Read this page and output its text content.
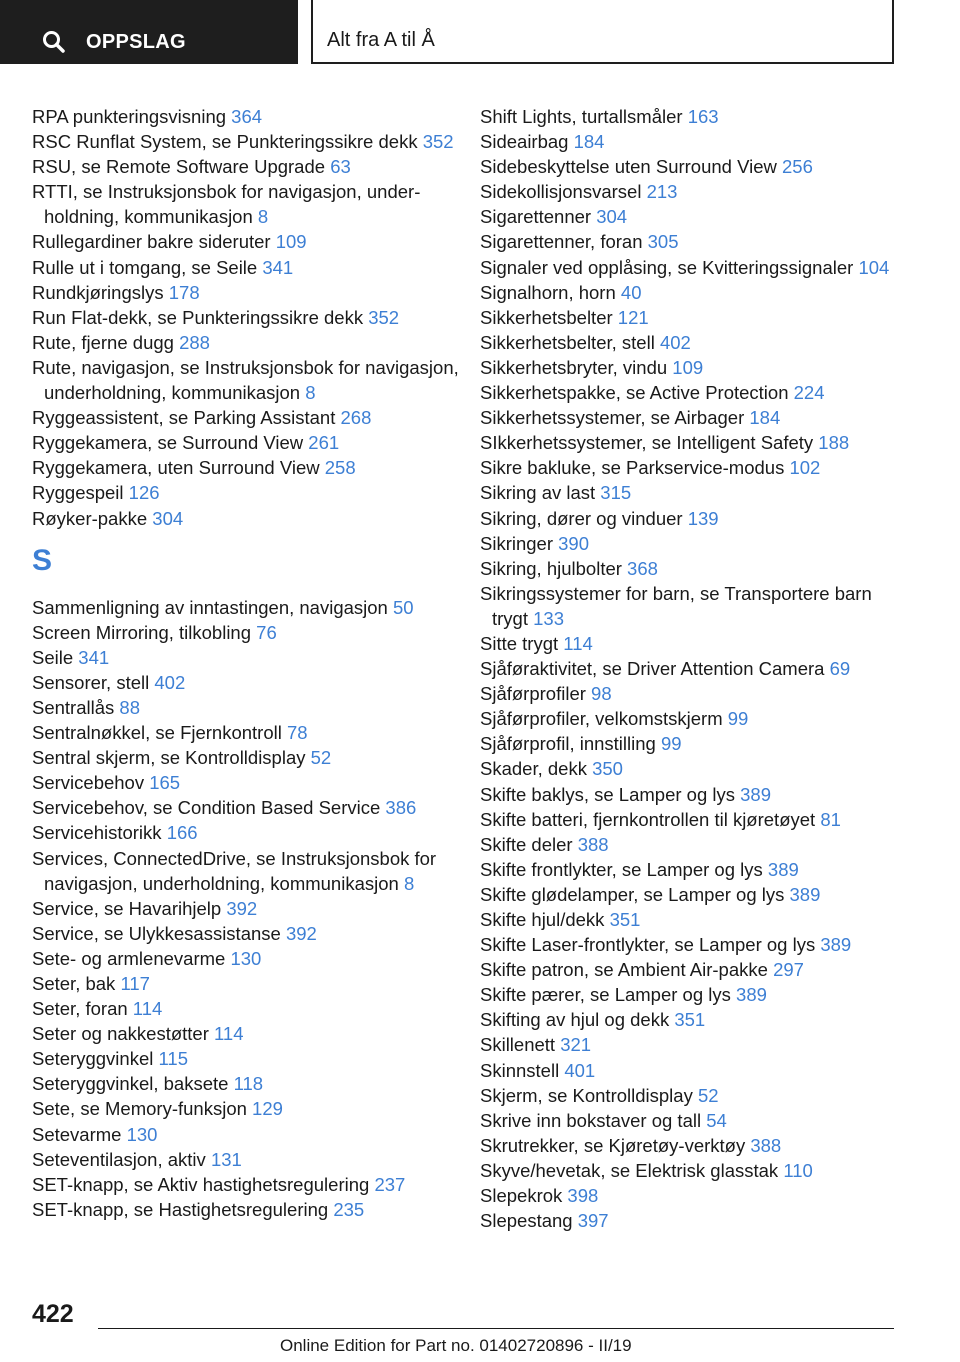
OPPSLAG	Alt fra A til Å
RPA punkteringsvisning 364
RSC Runflat System, se Punkteringssikre dekk 352
RSU, se Remote Software Upgrade 63
RTTI, se Instruksjonsbok for navigasjon, underholdning, kommunikasjon 8
Rullegardiner bakre sideruter 109
Rulle ut i tomgang, se Seile 341
Rundkjøringslys 178
Run Flat-dekk, se Punkteringssikre dekk 352
Rute, fjerne dugg 288
Rute, navigasjon, se Instruksjonsbok for navigasjon, underholdning, kommunikasjon 8
Ryggeassistent, se Parking Assistant 268
Ryggekamera, se Surround View 261
Ryggekamera, uten Surround View 258
Ryggespeil 126
Røyker-pakke 304
S
Sammenligning av inntastingen, navigasjon 50
Screen Mirroring, tilkobling 76
Seile 341
Sensorer, stell 402
Sentrallås 88
Sentralnøkkel, se Fjernkontroll 78
Sentral skjerm, se Kontrolldisplay 52
Servicebehov 165
Servicebehov, se Condition Based Service 386
Servicehistorikk 166
Services, ConnectedDrive, se Instruksjonsbok for navigasjon, underholdning, kommunikasjon 8
Service, se Havarihjelp 392
Service, se Ulykkesassistanse 392
Sete- og armlenevarme 130
Seter, bak 117
Seter, foran 114
Seter og nakkestøtter 114
Seteryggvinkel 115
Seteryggvinkel, baksete 118
Sete, se Memory-funksjon 129
Setevarme 130
Seteventilasjon, aktiv 131
SET-knapp, se Aktiv hastighetsregulering 237
SET-knapp, se Hastighetsregulering 235
Shift Lights, turtallsmåler 163
Sideairbag 184
Sidebeskyttelse uten Surround View 256
Sidekollisjonsvarsel 213
Sigarettenner 304
Sigarettenner, foran 305
Signaler ved opplåsing, se Kvitteringssignaler 104
Signalhorn, horn 40
Sikkerhetsbelter 121
Sikkerhetsbelter, stell 402
Sikkerhetsbryter, vindu 109
Sikkerhetspakke, se Active Protection 224
Sikkerhetssystemer, se Airbager 184
SIkkerhetssystemer, se Intelligent Safety 188
Sikre bakluke, se Parkservice-modus 102
Sikring av last 315
Sikring, dører og vinduer 139
Sikringer 390
Sikring, hjulbolter 368
Sikringssystemer for barn, se Transportere barn trygt 133
Sitte trygt 114
Sjåføraktivitet, se Driver Attention Camera 69
Sjåførprofiler 98
Sjåførprofiler, velkomstskjerm 99
Sjåførprofil, innstilling 99
Skader, dekk 350
Skifte baklys, se Lamper og lys 389
Skifte batteri, fjernkontrollen til kjøretøyet 81
Skifte deler 388
Skifte frontlykter, se Lamper og lys 389
Skifte glødelamper, se Lamper og lys 389
Skifte hjul/dekk 351
Skifte Laser-frontlykter, se Lamper og lys 389
Skifte patron, se Ambient Air-pakke 297
Skifte pærer, se Lamper og lys 389
Skifting av hjul og dekk 351
Skillenett 321
Skinnstell 401
Skjerm, se Kontrolldisplay 52
Skrive inn bokstaver og tall 54
Skrutrekker, se Kjøretøy-verktøy 388
Skyve/hevetak, se Elektrisk glasstak 110
Slepekrok 398
Slepestang 397
422
Online Edition for Part no. 01402720896 - II/19
